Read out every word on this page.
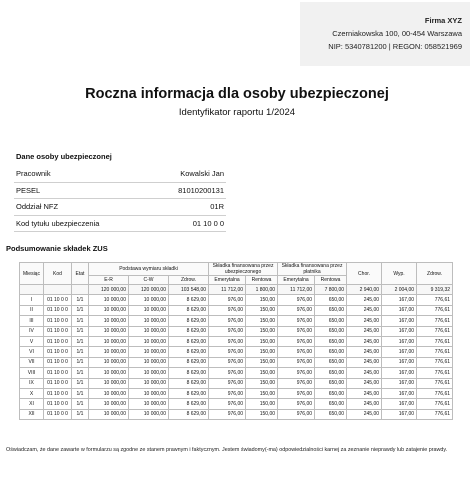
Firma XYZ
Czerniakowska 100, 00-454 Warszawa
NIP: 5340781200 | REGON: 058521969
Roczna informacja dla osoby ubezpieczonej
Identyfikator raportu 1/2024
Dane osoby ubezpieczonej
Pracownik	Kowalski Jan
PESEL	81010200131
Oddział NFZ	01R
Kod tytułu ubezpieczenia	01 10 0 0
Podsumowanie składek ZUS
Miesiąc	Kod	Etat	Podstawa wymiaru składki			Składka finansowana przez ubezpieczonego		Składka finansowana przez płatnika		Chor.	Wyp.	Zdrow.
			E-R	C-W	Zdrow.	Emerytalna	Rentowa	Emerytalna	Rentowa			
			120 000,00	120 000,00	103 548,00	11 712,00	1 800,00	11 712,00	7 800,00	2 940,00	2 004,00	9 319,32
I	01 10 0 0	1/1	10 000,00	10 000,00	8 629,00	976,00	150,00	976,00	650,00	245,00	167,00	776,61
II	01 10 0 0	1/1	10 000,00	10 000,00	8 629,00	976,00	150,00	976,00	650,00	245,00	167,00	776,61
III	01 10 0 0	1/1	10 000,00	10 000,00	8 629,00	976,00	150,00	976,00	650,00	245,00	167,00	776,61
IV	01 10 0 0	1/1	10 000,00	10 000,00	8 629,00	976,00	150,00	976,00	650,00	245,00	167,00	776,61
V	01 10 0 0	1/1	10 000,00	10 000,00	8 629,00	976,00	150,00	976,00	650,00	245,00	167,00	776,61
VI	01 10 0 0	1/1	10 000,00	10 000,00	8 629,00	976,00	150,00	976,00	650,00	245,00	167,00	776,61
VII	01 10 0 0	1/1	10 000,00	10 000,00	8 629,00	976,00	150,00	976,00	650,00	245,00	167,00	776,61
VIII	01 10 0 0	1/1	10 000,00	10 000,00	8 629,00	976,00	150,00	976,00	650,00	245,00	167,00	776,61
IX	01 10 0 0	1/1	10 000,00	10 000,00	8 629,00	976,00	150,00	976,00	650,00	245,00	167,00	776,61
X	01 10 0 0	1/1	10 000,00	10 000,00	8 629,00	976,00	150,00	976,00	650,00	245,00	167,00	776,61
XI	01 10 0 0	1/1	10 000,00	10 000,00	8 629,00	976,00	150,00	976,00	650,00	245,00	167,00	776,61
XII	01 10 0 0	1/1	10 000,00	10 000,00	8 629,00	976,00	150,00	976,00	650,00	245,00	167,00	776,61
Oświadczam, że dane zawarte w formularzu są zgodne ze stanem prawnym i faktycznym. Jestem świadomy(-ma) odpowiedzialności karnej za zeznanie nieprawdy lub zatajenie prawdy.
